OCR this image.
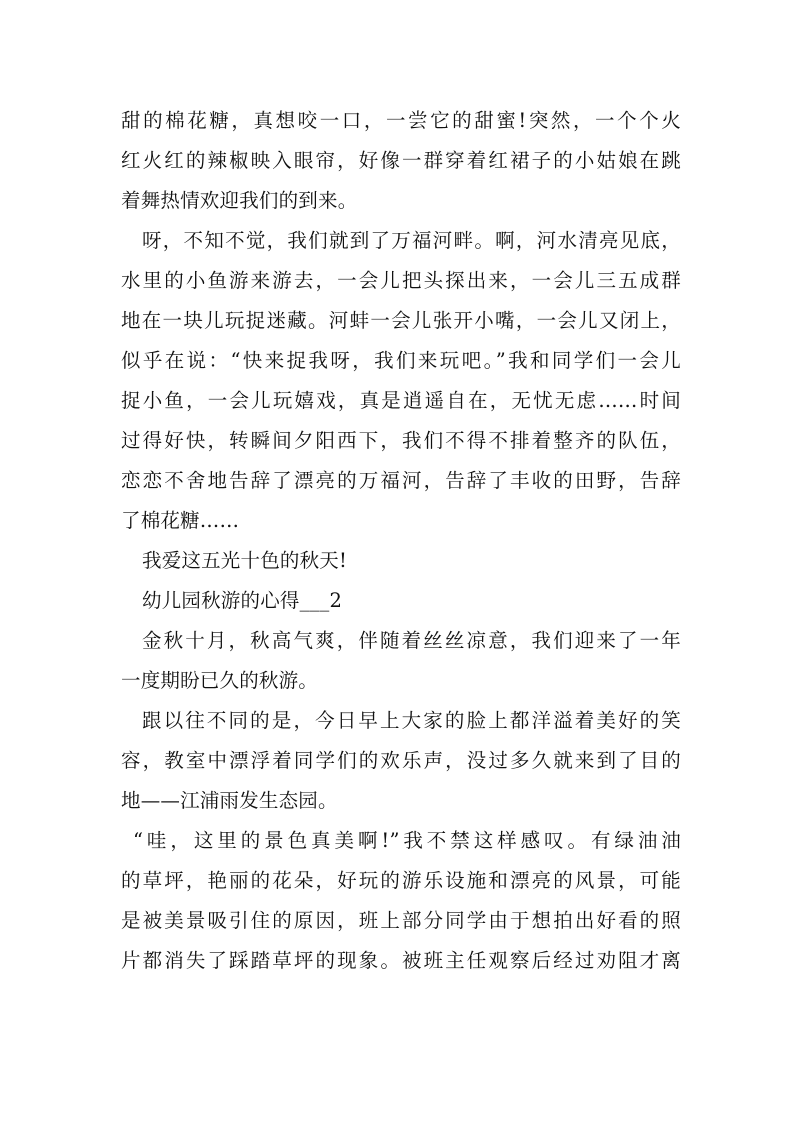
甜的棉花糖，真想咬一口，一尝它的甜蜜!突然，一个个火
红火红的辣椒映入眼帘，好像一群穿着红裙子的小姑娘在跳
着舞热情欢迎我们的到来。
呀，不知不觉，我们就到了万福河畔。啊，河水清亮见底，
水里的小鱼游来游去，一会儿把头探出来，一会儿三五成群
地在一块儿玩捉迷藏。河蚌一会儿张开小嘴，一会儿又闭上，
似乎在说：“快来捉我呀，我们来玩吧。”我和同学们一会儿
捉小鱼，一会儿玩嬉戏，真是逍遥自在，无忧无虑……时间
过得好快，转瞬间夕阳西下，我们不得不排着整齐的队伍，
恋恋不舍地告辞了漂亮的万福河，告辞了丰收的田野，告辞
了棉花糖……
我爱这五光十色的秋天!
幼儿园秋游的心得___2
金秋十月，秋高气爽，伴随着丝丝凉意，我们迎来了一年
一度期盼已久的秋游。
跟以往不同的是，今日早上大家的脸上都洋溢着美好的笑
容，教室中漂浮着同学们的欢乐声，没过多久就来到了目的
地——江浦雨发生态园。
“哇，这里的景色真美啊!”我不禁这样感叹。有绿油油
的草坪，艳丽的花朵，好玩的游乐设施和漂亮的风景，可能
是被美景吸引住的原因，班上部分同学由于想拍出好看的照
片都消失了踩踏草坪的现象。被班主任观察后经过劝阻才离
